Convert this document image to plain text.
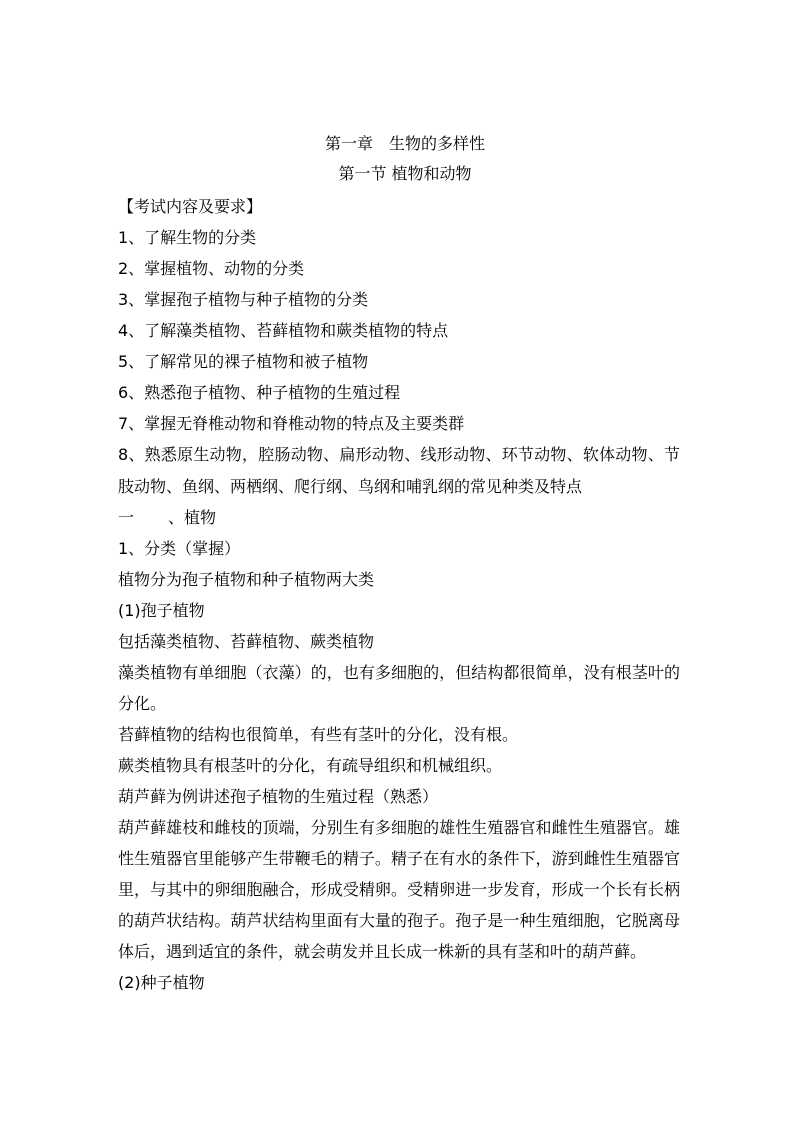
第一章 生物的多样性
第一节 植物和动物
【考试内容及要求】
1、了解生物的分类
2、掌握植物、动物的分类
3、掌握孢子植物与种子植物的分类
4、了解藻类植物、苔藓植物和蕨类植物的特点
5、了解常见的裸子植物和被子植物
6、熟悉孢子植物、种子植物的生殖过程
7、掌握无脊椎动物和脊椎动物的特点及主要类群
8、熟悉原生动物，腔肠动物、扁形动物、线形动物、环节动物、软体动物、节
肢动物、鱼纲、两栖纲、爬行纲、鸟纲和哺乳纲的常见种类及特点
一 、植物
1、分类（掌握）
植物分为孢子植物和种子植物两大类
(1)孢子植物
包括藻类植物、苔藓植物、蕨类植物
藻类植物有单细胞（衣藻）的，也有多细胞的，但结构都很简单，没有根茎叶的
分化。
苔藓植物的结构也很简单，有些有茎叶的分化，没有根。
蕨类植物具有根茎叶的分化，有疏导组织和机械组织。
葫芦藓为例讲述孢子植物的生殖过程（熟悉）
葫芦藓雄枝和雌枝的顶端，分别生有多细胞的雄性生殖器官和雌性生殖器官。雄
性生殖器官里能够产生带鞭毛的精子。精子在有水的条件下，游到雌性生殖器官
里，与其中的卵细胞融合，形成受精卵。受精卵进一步发育，形成一个长有长柄
的葫芦状结构。葫芦状结构里面有大量的孢子。孢子是一种生殖细胞，它脱离母
体后，遇到适宜的条件，就会萌发并且长成一株新的具有茎和叶的葫芦藓。
(2)种子植物
